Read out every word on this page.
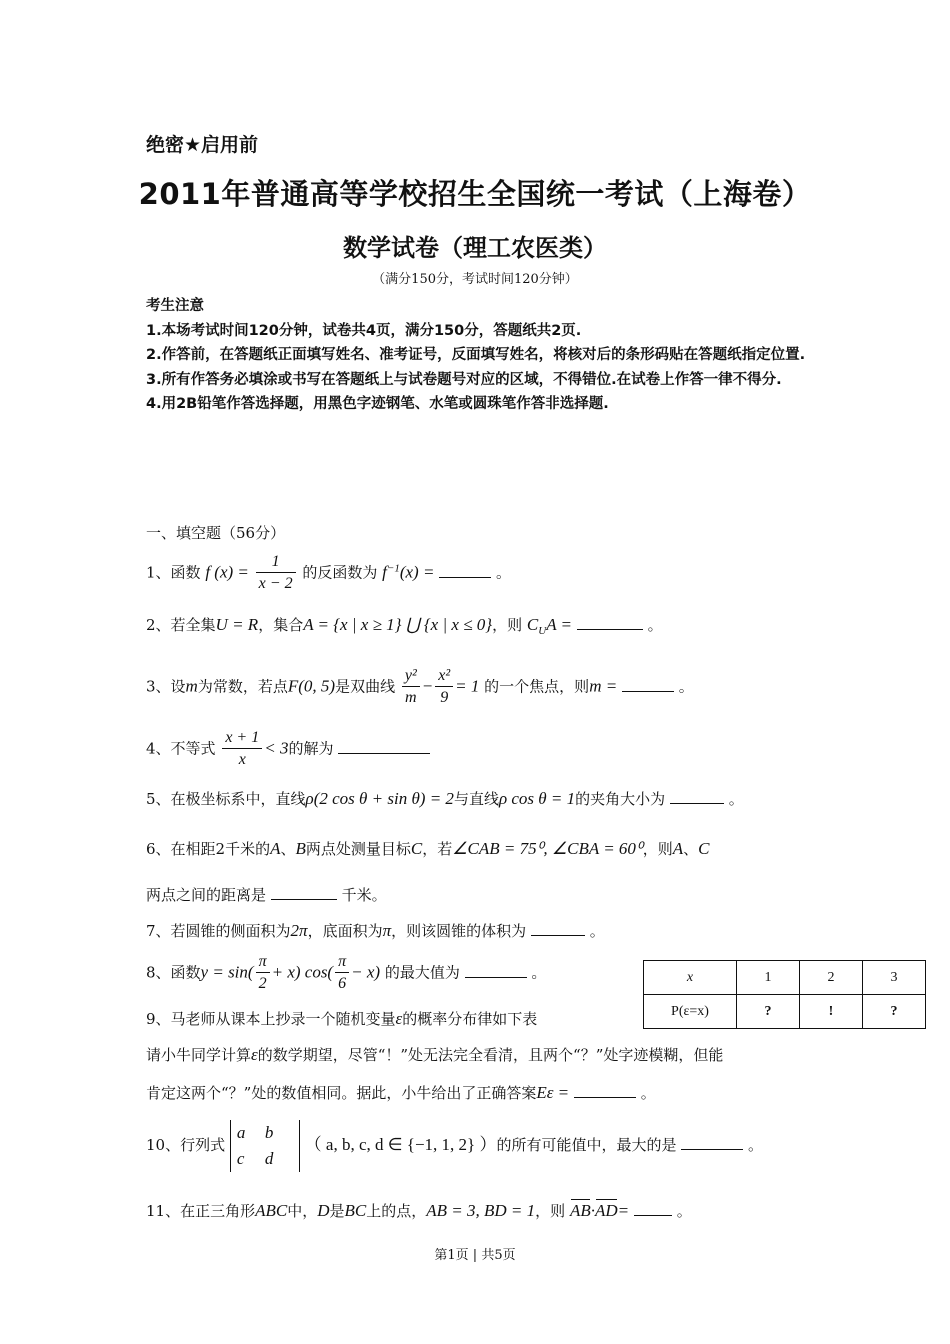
绝密★启用前
2011年普通高等学校招生全国统一考试（上海卷）
数学试卷（理工农医类）
（满分150分，考试时间120分钟）
考生注意
1.本场考试时间120分钟，试卷共4页，满分150分，答题纸共2页.
2.作答前，在答题纸正面填写姓名、准考证号，反面填写姓名，将核对后的条形码贴在答题纸指定位置.
3.所有作答务必填涂或书写在答题纸上与试卷题号对应的区域，不得错位.在试卷上作答一律不得分.
4.用2B铅笔作答选择题，用黑色字迹钢笔、水笔或圆珠笔作答非选择题.
一、填空题（56分）
1、函数 f $(x) = \frac{1}{x - 2}$ 的反函数为 $f^{-1}(x)$ =	。
2、若全集U = R，集合A = {x | x ≥ 1} ⋃ {x | x ≤ 0}，则 $C_UA$ =	。
3、设m为常数，若点F(0, 5)是双曲线 $\frac{\text{y²}}{m} - \frac{\text{x²}}{9} = 1$ 的一个焦点，则m =	。
4、不等式 $\frac{x + 1}{x} < 3$的解为
5、在极坐标系中，直线ρ(2 cos θ + sin θ) = 2与直线ρ cos θ = 1的夹角大小为	。
6、在相距2千米的A、B两点处测量目标C，若∠CAB = 75⁰, ∠CBA = 60⁰，则A、C
两点之间的距离是	千米。
7、若圆锥的侧面积为2π，底面积为π，则该圆锥的体积为	。
8、函数$y = \sin( \frac{\pi}{2} + x)$ $\cos( \frac{\pi}{6} - x)$ 的最大值为	。	x	1	2	3
P(ε=x)	?	!	?
9、马老师从课本上抄录一个随机变量ε的概率分布律如下表
请小牛同学计算ε的数学期望，尽管“！”处无法完全看清，且两个“？”处字迹模糊，但能
肯定这两个“？”处的数值相同。据此，小牛给出了正确答案Eε =	。
10、行列式 a b
c d （ a, b, c, d ∈ {−1, 1, 2} ）的所有可能值中，最大的是	。
11、在正三角形ABC中，D是BC上的点，AB = 3, BD = 1，则 AB·AD=	。
第1页 | 共5页
